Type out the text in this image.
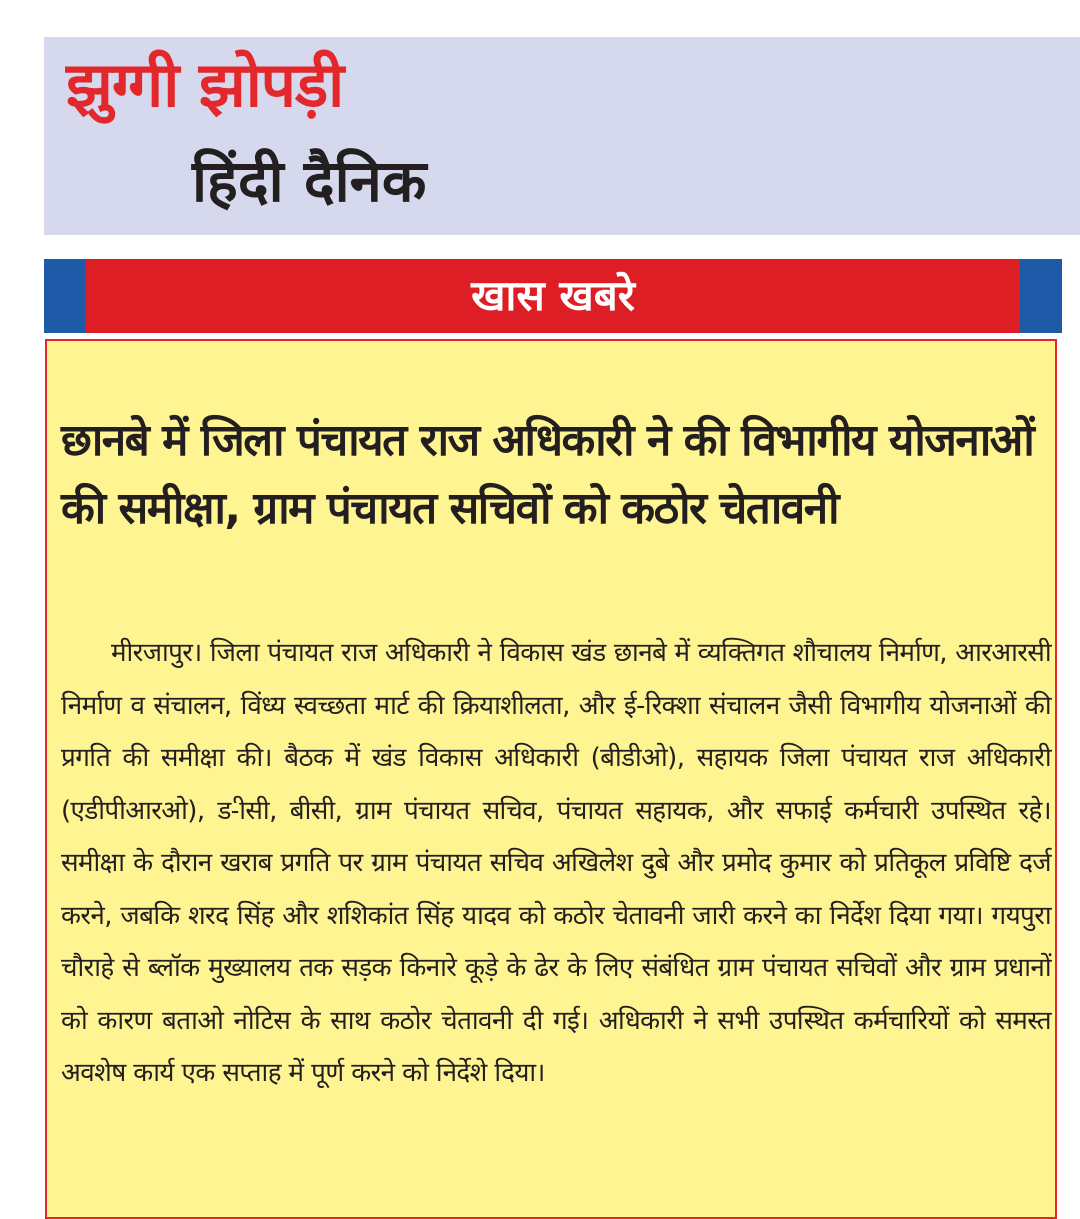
झुग्गी झोपड़ी
हिंदी दैनिक
खास खबरे
छानबे में जिला पंचायत राज अधिकारी ने की विभागीय योजनाओं की समीक्षा, ग्राम पंचायत सचिवों को कठोर चेतावनी

मीरजापुर। जिला पंचायत राज अधिकारी ने विकास खंड छानबे में व्यक्तिगत शौचालय निर्माण, आरआरसी निर्माण व संचालन, विंध्य स्वच्छता मार्ट की क्रियाशीलता, और ई-रिक्शा संचालन जैसी विभागीय योजनाओं की प्रगति की समीक्षा की। बैठक में खंड विकास अधिकारी (बीडीओ), सहायक जिला पंचायत राज अधिकारी (एडीपीआरओ), ड-ीसी, बीसी, ग्राम पंचायत सचिव, पंचायत सहायक, और सफाई कर्मचारी उपस्थित रहे। समीक्षा के दौरान खराब प्रगति पर ग्राम पंचायत सचिव अखिलेश दुबे और प्रमोद कुमार को प्रतिकूल प्रविष्टि दर्ज करने, जबकि शरद सिंह और शशिकांत सिंह यादव को कठोर चेतावनी जारी करने का निर्देश दिया गया। गयपुरा चौराहे से ब्लॉक मुख्यालय तक सड़क किनारे कूड़े के ढेर के लिए संबंधित ग्राम पंचायत सचिवों और ग्राम प्रधानों को कारण बताओ नोटिस के साथ कठोर चेतावनी दी गई। अधिकारी ने सभी उपस्थित कर्मचारियों को समस्त अवशेष कार्य एक सप्ताह में पूर्ण करने को निर्देशे दिया।
